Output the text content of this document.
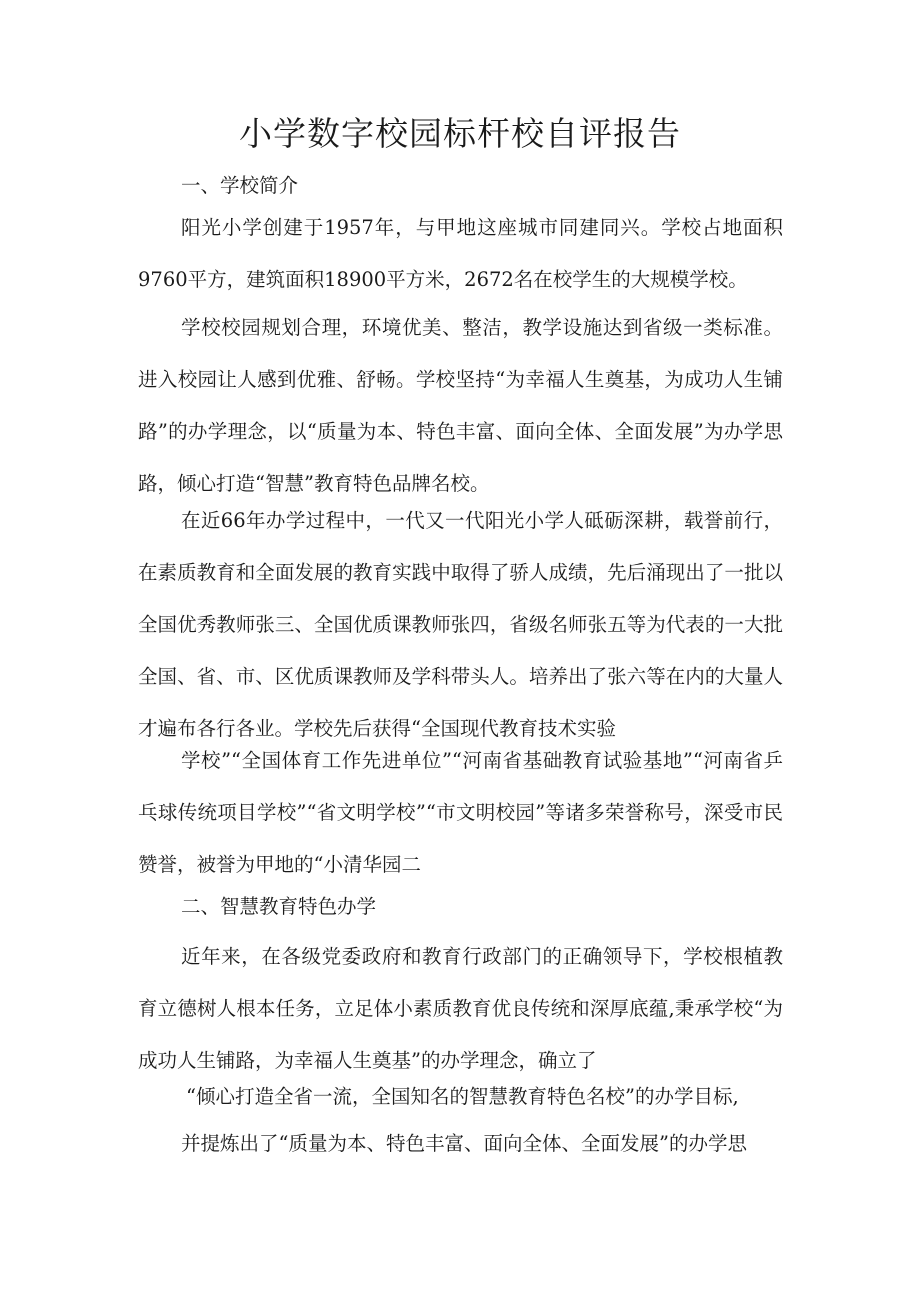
小学数字校园标杆校自评报告

一、学校简介

阳光小学创建于1957年，与甲地这座城市同建同兴。学校占地面积9760平方，建筑面积18900平方米，2672名在校学生的大规模学校。

学校校园规划合理，环境优美、整洁，教学设施达到省级一类标准。进入校园让人感到优雅、舒畅。学校坚持“为幸福人生奠基，为成功人生铺路”的办学理念，以“质量为本、特色丰富、面向全体、全面发展”为办学思路，倾心打造“智慧”教育特色品牌名校。

在近66年办学过程中，一代又一代阳光小学人砥砺深耕，载誉前行，在素质教育和全面发展的教育实践中取得了骄人成绩，先后涌现出了一批以全国优秀教师张三、全国优质课教师张四，省级名师张五等为代表的一大批全国、省、市、区优质课教师及学科带头人。培养出了张六等在内的大量人才遍布各行各业。学校先后获得“全国现代教育技术实验

学校”“全国体育工作先进单位”“河南省基础教育试验基地”“河南省乒乓球传统项目学校”“省文明学校”“市文明校园”等诸多荣誉称号，深受市民赞誉，被誉为甲地的“小清华园二

二、智慧教育特色办学

近年来，在各级党委政府和教育行政部门的正确领导下，学校根植教育立德树人根本任务，立足体小素质教育优良传统和深厚底蕴,秉承学校“为成功人生铺路，为幸福人生奠基”的办学理念，确立了

“倾心打造全省一流，全国知名的智慧教育特色名校”的办学目标,

并提炼出了“质量为本、特色丰富、面向全体、全面发展”的办学思
